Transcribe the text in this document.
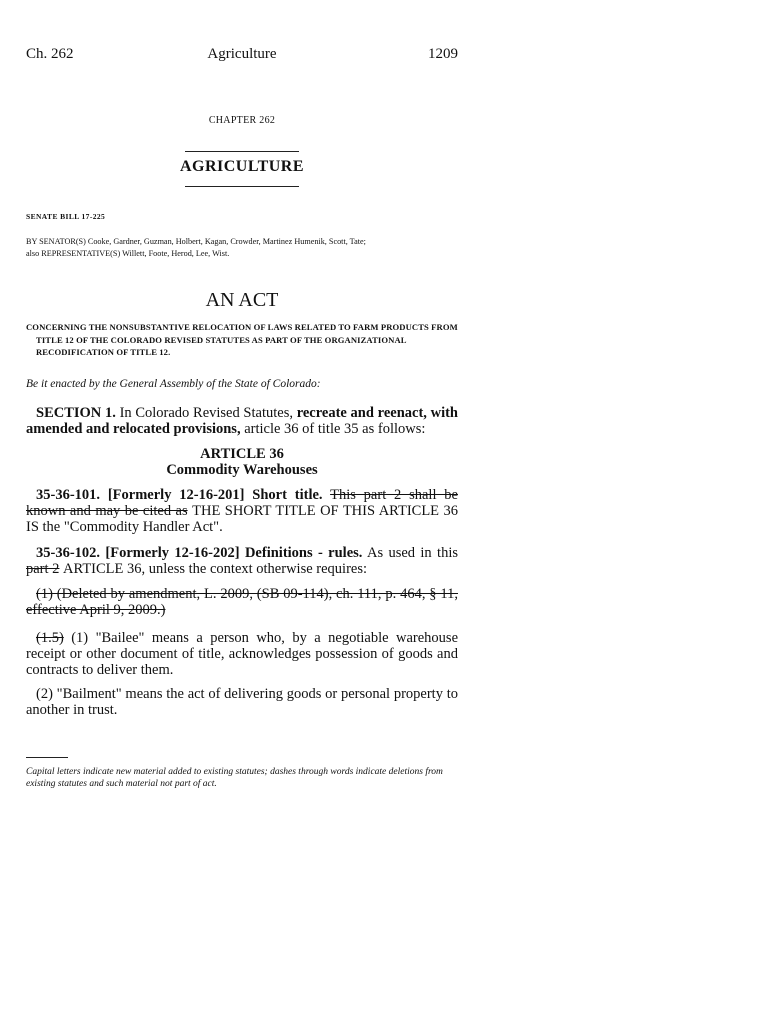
Ch. 262	Agriculture	1209
CHAPTER 262
AGRICULTURE
SENATE BILL 17-225
BY SENATOR(S) Cooke, Gardner, Guzman, Holbert, Kagan, Crowder, Martinez Humenik, Scott, Tate;
also REPRESENTATIVE(S) Willett, Foote, Herod, Lee, Wist.
AN ACT
CONCERNING THE NONSUBSTANTIVE RELOCATION OF LAWS RELATED TO FARM PRODUCTS FROM
TITLE 12 OF THE COLORADO REVISED STATUTES AS PART OF THE ORGANIZATIONAL
RECODIFICATION OF TITLE 12.
Be it enacted by the General Assembly of the State of Colorado:
SECTION 1. In Colorado Revised Statutes, recreate and reenact, with amended and relocated provisions, article 36 of title 35 as follows:
ARTICLE 36
Commodity Warehouses
35-36-101. [Formerly 12-16-201] Short title. This part 2 shall be known and may be cited as THE SHORT TITLE OF THIS ARTICLE 36 IS the "Commodity Handler Act".
35-36-102. [Formerly 12-16-202] Definitions - rules. As used in this part 2 ARTICLE 36, unless the context otherwise requires:
(1) (Deleted by amendment, L. 2009, (SB 09-114), ch. 111, p. 464, § 11, effective April 9, 2009.)
(1.5) (1) "Bailee" means a person who, by a negotiable warehouse receipt or other document of title, acknowledges possession of goods and contracts to deliver them.
(2) "Bailment" means the act of delivering goods or personal property to another in trust.
Capital letters indicate new material added to existing statutes; dashes through words indicate deletions from existing statutes and such material not part of act.
